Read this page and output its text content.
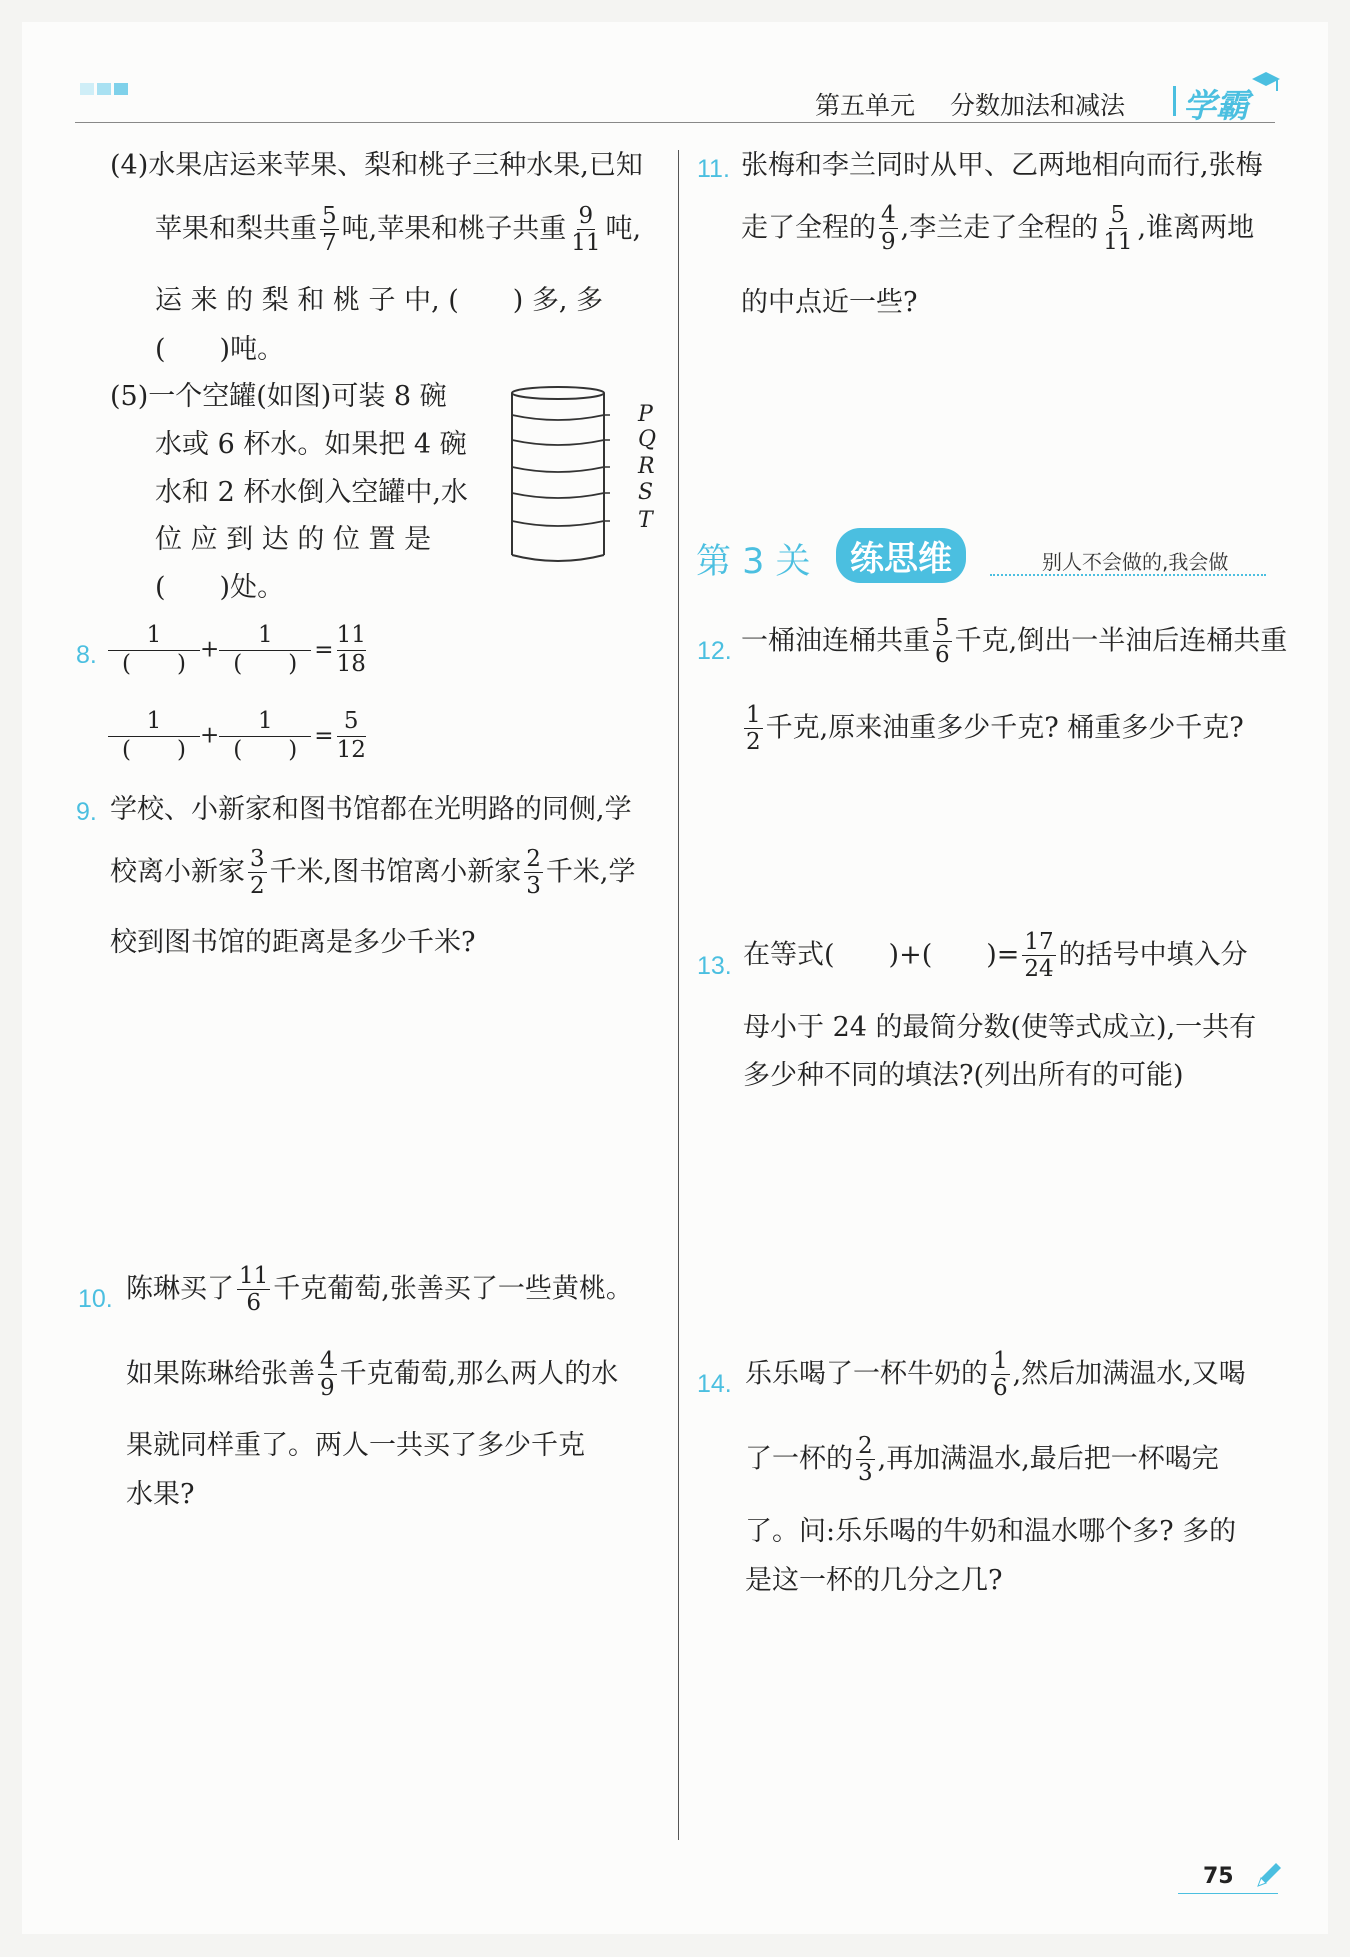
第五单元 分数加法和减法 学霸
(4)水果店运来苹果、梨和桃子三种水果,已知
苹果和梨共重 $\frac{5}{7}$ 吨,苹果和桃子共重 $\frac{9}{11}$ 吨,
运 来 的 梨 和 桃 子 中, (　　) 多, 多
(　　)吨。
(5)一个空罐(如图)可装 8 碗
水或 6 杯水。如果把 4 碗
水和 2 杯水倒入空罐中,水
位 应 到 达 的 位 置 是
(　　)处。
P
Q
R
S
T
8.
1
(　　)
+
1
(　　)
= $\frac{11}{18}$
1
(　　)
+
1
(　　)
= $\frac{5}{12}$
9. 学校、小新家和图书馆都在光明路的同侧,学
校离小新家 $\frac{3}{2}$ 千米,图书馆离小新家 $\frac{2}{3}$ 千米,学
校到图书馆的距离是多少千米?
10. 陈琳买了 $\frac{11}{6}$ 千克葡萄,张善买了一些黄桃。
如果陈琳给张善 $\frac{4}{9}$ 千克葡萄,那么两人的水
果就同样重了。两人一共买了多少千克
水果?
11. 张梅和李兰同时从甲、乙两地相向而行,张梅
走了全程的 $\frac{4}{9}$ ,李兰走了全程的 $\frac{5}{11}$ ,谁离两地
的中点近一些?
第 3 关	练思维	别人不会做的,我会做
12. 一桶油连桶共重 $\frac{5}{6}$ 千克,倒出一半油后连桶共重
$\frac{1}{2}$ 千克,原来油重多少千克? 桶重多少千克?
13. 在等式(　　)+(　　)= $\frac{17}{24}$ 的括号中填入分
母小于 24 的最简分数(使等式成立),一共有
多少种不同的填法?(列出所有的可能)
14. 乐乐喝了一杯牛奶的 $\frac{1}{6}$ ,然后加满温水,又喝
了一杯的 $\frac{2}{3}$ ,再加满温水,最后把一杯喝完
了。问:乐乐喝的牛奶和温水哪个多? 多的
是这一杯的几分之几?
75
